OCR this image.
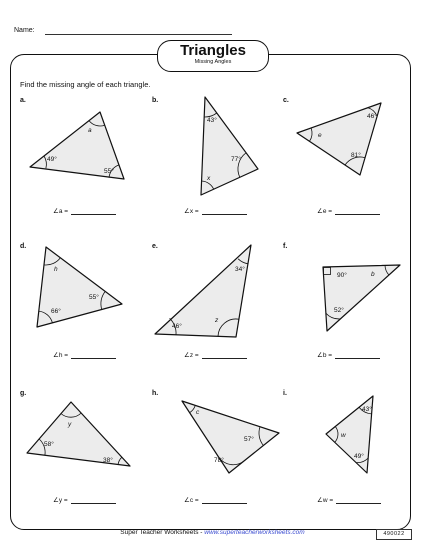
Name:
Triangles
Missing Angles
Find the missing angle of each triangle.
a
49°
55°
43°
77°
x
e
46°
81°
h
55°
66°
34°
46°
z
90°	b
52°
y
58°
38°
c
57°
78°
43°
w
49°
a.	b.	c.
d.	e.	f.
g.	h.	i.
∠a =	∠x =	∠e =
∠h =	∠z =	∠b =
∠y =	∠c =	∠w =
Super Teacher Worksheets - www.superteacherworksheets.com	490022
